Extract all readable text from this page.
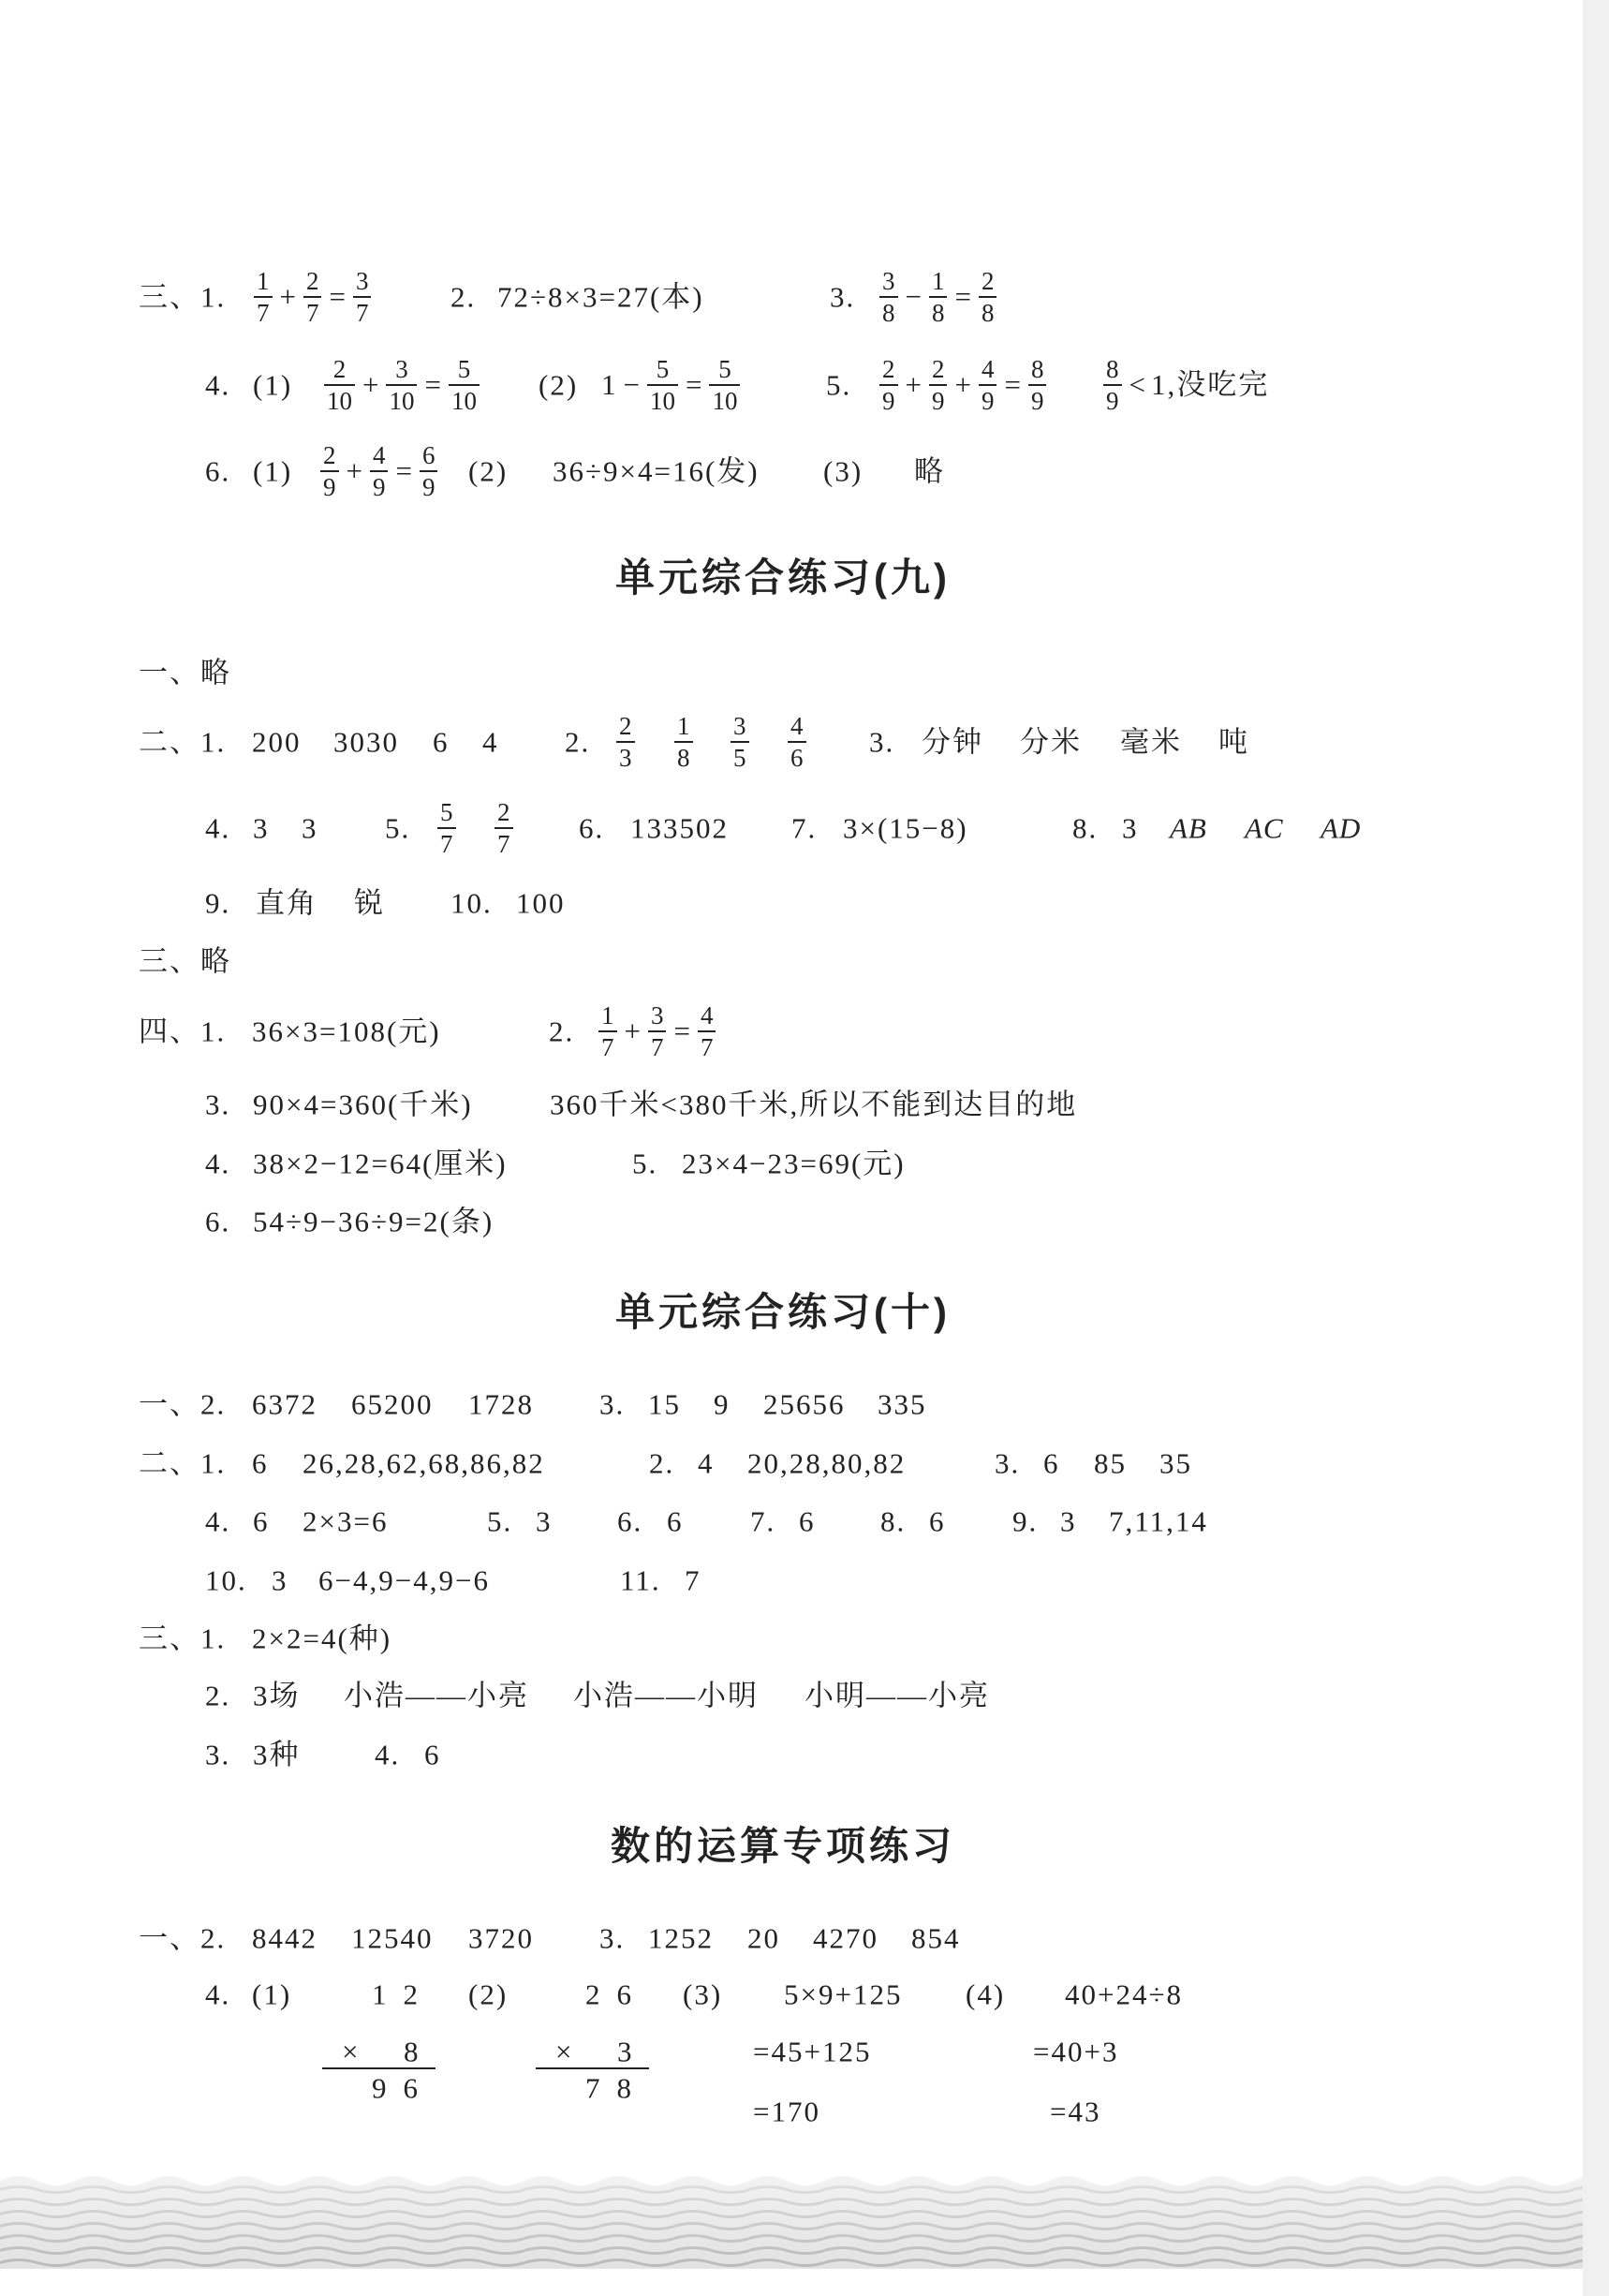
三、1. $\frac{1}{7} + \frac{2}{7} = \frac{3}{7}$	2. 72÷8×3=27(本)	3. $\frac{3}{8} - \frac{1}{8} = \frac{2}{8}$
4. $(1) \frac{2}{10} + \frac{3}{10} = \frac{5}{10} (2) 1 - \frac{5}{10} = \frac{5}{10}$	5. $\frac{2}{9} + \frac{2}{9} + \frac{4}{9} = \frac{8}{9} \frac{8}{9} < 1$,没吃完
6. $(1) \frac{2}{9} + \frac{4}{9} = \frac{6}{9} (2)$ 36÷9×4=16(发) (3) 略
单元综合练习(九)
一、略
二、1. 200 3030 6 4 2. $\frac{2}{3} \frac{1}{8} \frac{3}{5} \frac{4}{6} 3$. 分钟 分米 毫米 吨
4. 3 3 5. $\frac{5}{7} \frac{2}{7} 6$. 133502 7. 3×(15−8)	8. 3 AB AC AD
9. 直角 锐 10. 100
三、略
四、1. 36×3=108(元)	2. $\frac{1}{7} + \frac{3}{7} = \frac{4}{7}$
3. 90×4=360(千米)	360千米<380千米,所以不能到达目的地
4. 38×2−12=64(厘米)	5. 23×4−23=69(元)
6. 54÷9−36÷9=2(条)
单元综合练习(十)
一、2. 6372 65200 1728 3. 15 9 25656 335
二、1. 6 26,28,62,68,86,82	2. 4 20,28,80,82	3. 6 85 35
4. 6 2×3=6	5. 3 6. 6 7. 6 8. 6 9. 3 7,11,14
10. 3 6−4,9−4,9−6	11. 7
三、1. 2×2=4(种)
2. 3场 小浩——小亮 小浩——小明 小明——小亮
3. 3种	4. 6
数的运算专项练习
一、2. 8442 12540 3720 3. 1252 20 4270 854
4. (1)	(2)	(3) 5×9+125 (4) 40+24÷8
=45+125	=40+3
=170	=43
12
× 8
96
26
× 3
78
